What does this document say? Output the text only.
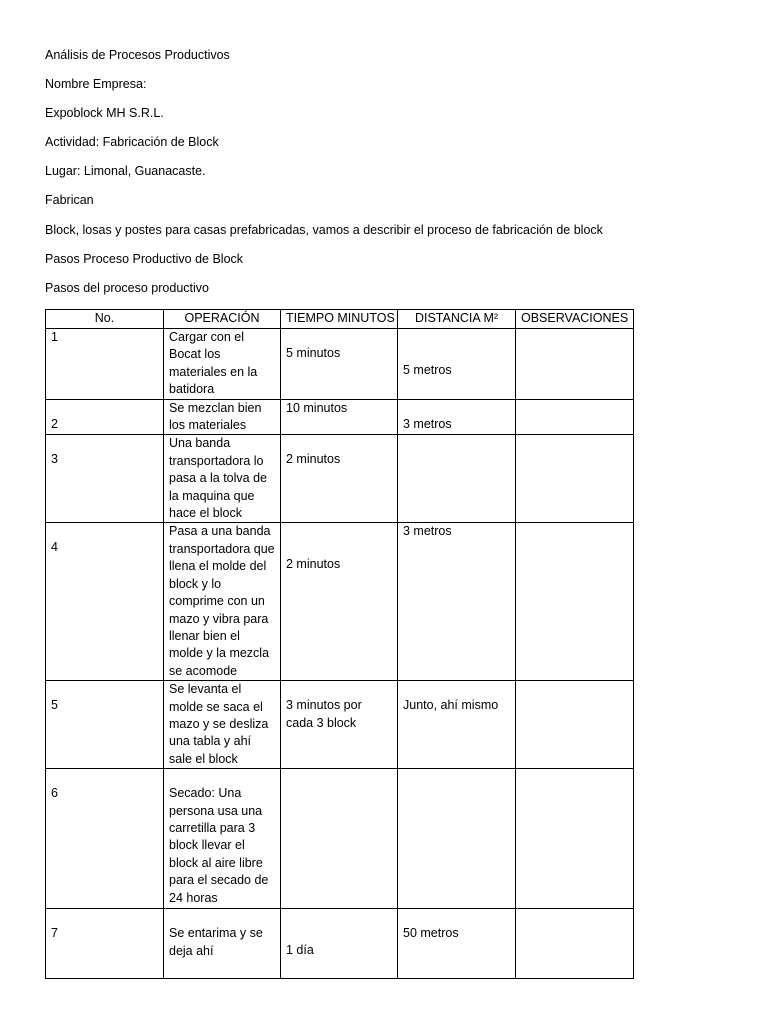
Análisis de Procesos Productivos
Nombre Empresa:
Expoblock MH S.R.L.
Actividad: Fabricación de Block
Lugar: Limonal, Guanacaste.
Fabrican
Block, losas y postes para casas prefabricadas, vamos a describir el proceso de fabricación de block
Pasos Proceso Productivo de Block
Pasos del proceso productivo
No.	OPERACIÓN	TIEMPO MINUTOS	DISTANCIA M²	OBSERVACIONES
1	Cargar con el Bocat los materiales en la batidora	5 minutos	5 metros	
2	Se mezclan bien los materiales	10 minutos	3 metros	
3	Una banda transportadora lo pasa a la tolva de la maquina que hace el block	2 minutos		
4	Pasa a una banda transportadora que llena el molde del block y lo comprime con un mazo y vibra para llenar bien el molde y la mezcla se acomode	2 minutos	3 metros	
5	Se levanta el molde se saca el mazo y se desliza una tabla y ahí sale el block	3 minutos por cada 3 block	Junto, ahí mismo	
6	Secado: Una persona usa una carretilla para 3 block llevar el block al aire libre para el secado de 24 horas			
7	Se entarima y se deja ahí	1 día	50 metros	
